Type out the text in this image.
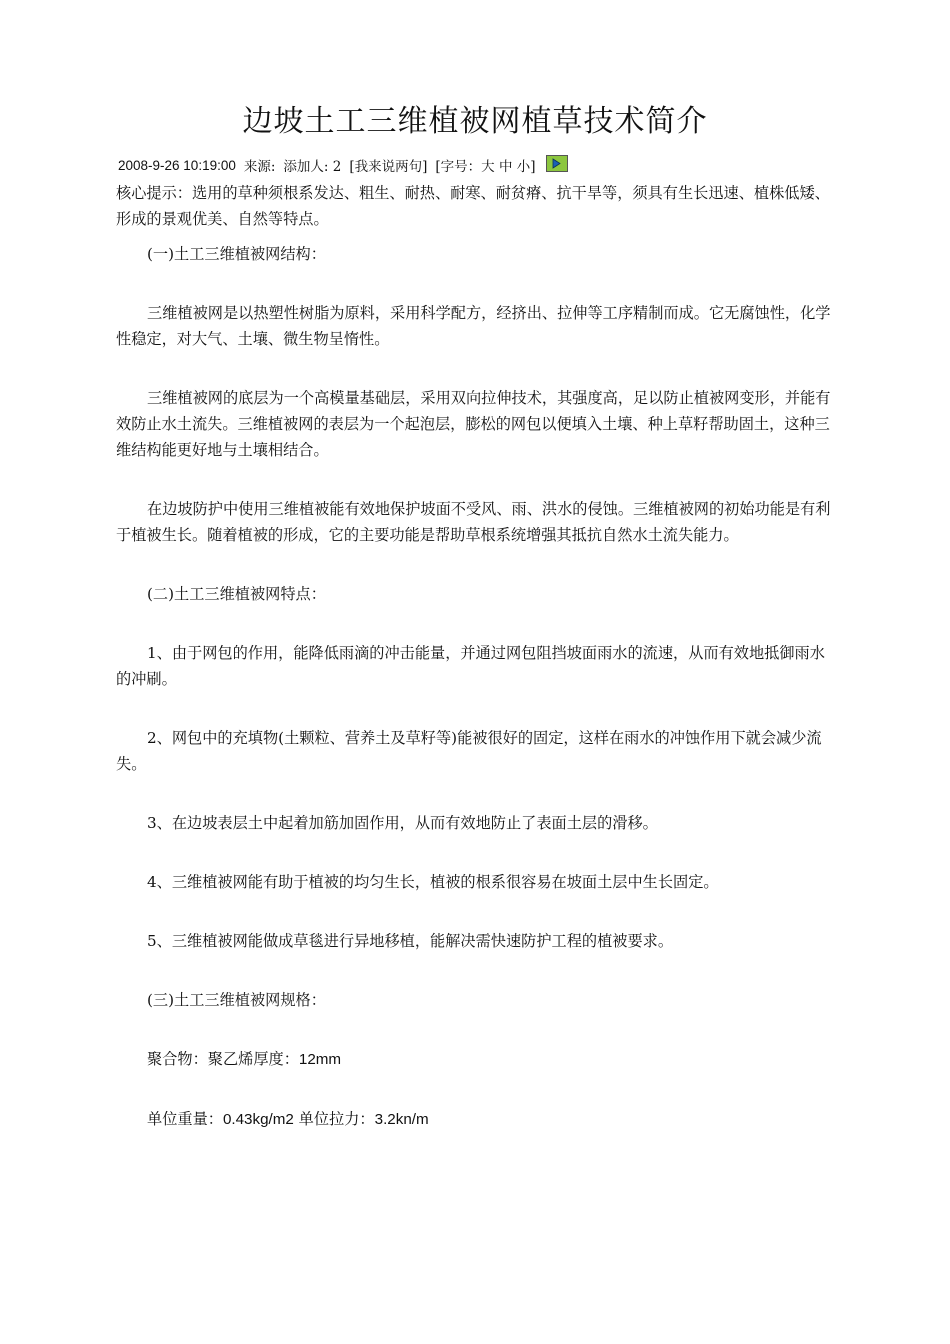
边坡土工三维植被网植草技术简介
2008-9-26 10:19:00 来源: 添加人: 2 [我来说两句] [字号：大 中 小]

核心提示：选用的草种须根系发达、粗生、耐热、耐寒、耐贫瘠、抗干旱等，须具有生长迅速、植株低矮、形成的景观优美、自然等特点。

(一)土工三维植被网结构：

三维植被网是以热塑性树脂为原料，采用科学配方，经挤出、拉伸等工序精制而成。它无腐蚀性，化学性稳定，对大气、土壤、微生物呈惰性。

三维植被网的底层为一个高模量基础层，采用双向拉伸技术，其强度高，足以防止植被网变形，并能有效防止水土流失。三维植被网的表层为一个起泡层，膨松的网包以便填入土壤、种上草籽帮助固土，这种三维结构能更好地与土壤相结合。

在边坡防护中使用三维植被能有效地保护坡面不受风、雨、洪水的侵蚀。三维植被网的初始功能是有利于植被生长。随着植被的形成，它的主要功能是帮助草根系统增强其抵抗自然水土流失能力。

(二)土工三维植被网特点：

1、由于网包的作用，能降低雨滴的冲击能量，并通过网包阻挡坡面雨水的流速，从而有效地抵御雨水的冲刷。

2、网包中的充填物(土颗粒、营养土及草籽等)能被很好的固定，这样在雨水的冲蚀作用下就会减少流失。

3、在边坡表层土中起着加筋加固作用，从而有效地防止了表面土层的滑移。

4、三维植被网能有助于植被的均匀生长，植被的根系很容易在坡面土层中生长固定。

5、三维植被网能做成草毯进行异地移植，能解决需快速防护工程的植被要求。

(三)土工三维植被网规格：

聚合物：聚乙烯厚度：12mm

单位重量：0.43kg/m2 单位拉力：3.2kn/m
